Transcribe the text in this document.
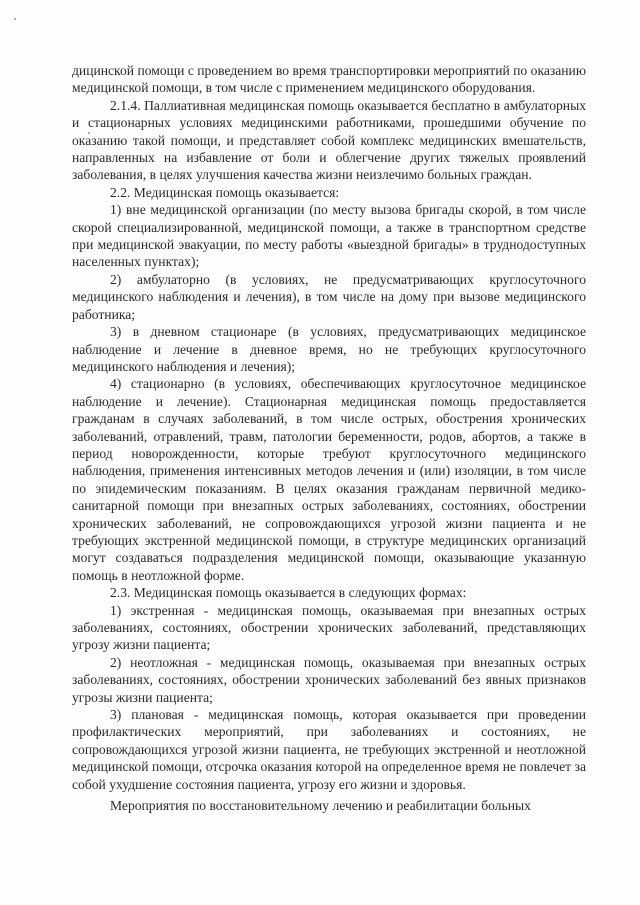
дицинской помощи с проведением во время транспортировки мероприятий по оказанию медицинской помощи, в том числе с применением медицинского оборудования.

2.1.4. Паллиативная медицинская помощь оказывается бесплатно в амбулаторных и стационарных условиях медицинскими работниками, прошедшими обучение по оказанию такой помощи, и представляет собой комплекс медицинских вмешательств, направленных на избавление от боли и облегчение других тяжелых проявлений заболевания, в целях улучшения качества жизни неизлечимо больных граждан.

2.2. Медицинская помощь оказывается:

1) вне медицинской организации (по месту вызова бригады скорой, в том числе скорой специализированной, медицинской помощи, а также в транспортном средстве при медицинской эвакуации, по месту работы «выездной бригады» в труднодоступных населенных пунктах);

2) амбулаторно (в условиях, не предусматривающих круглосуточного медицинского наблюдения и лечения), в том числе на дому при вызове медицинского работника;

3) в дневном стационаре (в условиях, предусматривающих медицинское наблюдение и лечение в дневное время, но не требующих круглосуточного медицинского наблюдения и лечения);

4) стационарно (в условиях, обеспечивающих круглосуточное медицинское наблюдение и лечение). Стационарная медицинская помощь предоставляется гражданам в случаях заболеваний, в том числе острых, обострения хронических заболеваний, отравлений, травм, патологии беременности, родов, абортов, а также в период новорожденности, которые требуют круглосуточного медицинского наблюдения, применения интенсивных методов лечения и (или) изоляции, в том числе по эпидемическим показаниям. В целях оказания гражданам первичной медико-санитарной помощи при внезапных острых заболеваниях, состояниях, обострении хронических заболеваний, не сопровождающихся угрозой жизни пациента и не требующих экстренной медицинской помощи, в структуре медицинских организаций могут создаваться подразделения медицинской помощи, оказывающие указанную помощь в неотложной форме.

2.3. Медицинская помощь оказывается в следующих формах:

1) экстренная - медицинская помощь, оказываемая при внезапных острых заболеваниях, состояниях, обострении хронических заболеваний, представляющих угрозу жизни пациента;

2) неотложная - медицинская помощь, оказываемая при внезапных острых заболеваниях, состояниях, обострении хронических заболеваний без явных признаков угрозы жизни пациента;

3) плановая - медицинская помощь, которая оказывается при проведении профилактических мероприятий, при заболеваниях и состояниях, не сопровождающихся угрозой жизни пациента, не требующих экстренной и неотложной медицинской помощи, отсрочка оказания которой на определенное время не повлечет за собой ухудшение состояния пациента, угрозу его жизни и здоровья.

Мероприятия по восстановительному лечению и реабилитации больных
